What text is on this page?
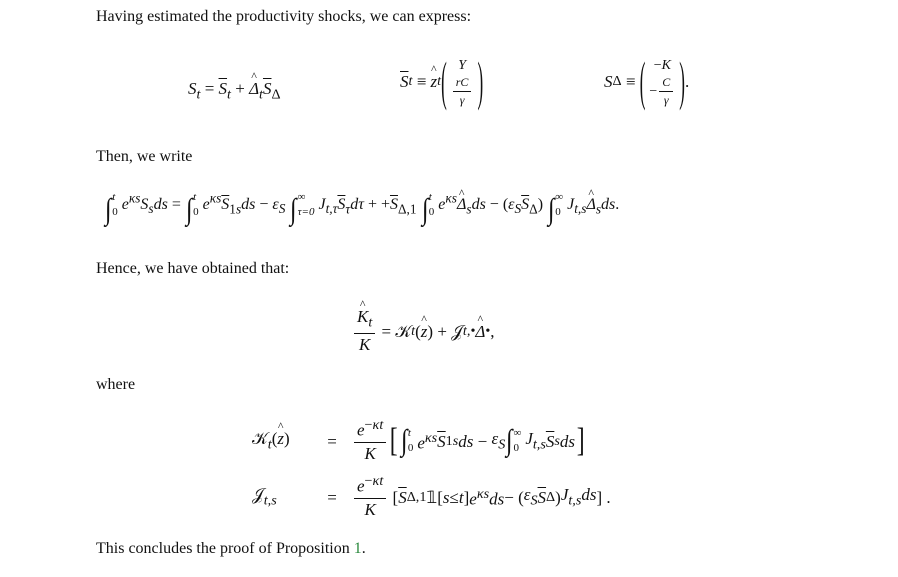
Having estimated the productivity shocks, we can express:
$S_t = \overline{S}_t$ + ^ $\Delta_t\overline{S}_\Delta$
$\overline{S}$ t ≡ ^ z t ( Y
$\frac{rC}{\gamma}$ )	S Δ ≡ ( −K
− $\frac{C}{\gamma}$ ) .
Then, we write
∫ t
0 $e^{\kappa s}S_sds$ = ∫ t
0 $e^{\kappa s}\overline{S}_{1s}ds - \varepsilon_S$ ∫ ∞
τ=0 $J_{t,\tau}\overline{S}_\tau d\tau + +\overline{S}_{\Delta,1}$ ∫ t
0 $e^{\kappa s}\^{}$ $\Delta_sds - (\varepsilon_S\overline{S}_\Delta)$ ∫ ∞
0 $J_{t,s}\^{}$ $\Delta_sds$.
Hence, we have obtained that:
^ $\frac{K_t}{K}$ = 𝒦 t ( ^ z ) + 𝒥 t,• ^ Δ • ,
where
𝒦$_t$(^ z)	=	$\frac{e^{-\kappa t}}{K}$ [ ∫ t
0 $e^{\kappa s}$ $\overline{S}$ 1s ds − $\varepsilon_S$ ∫ ∞
0 $J_{t,s}$ $\overline{S}$ s ds ]
𝒥$_{t,s}$	=	$\frac{e^{-\kappa t}}{K}$ [ $\overline{S}$ Δ,1 𝟙[ s ≤ t ] $e^{\kappa s}ds$ − ( $\varepsilon_S$ $\overline{S}$ Δ ) $J_{t,s}ds$ ] .
This concludes the proof of Proposition 1.
